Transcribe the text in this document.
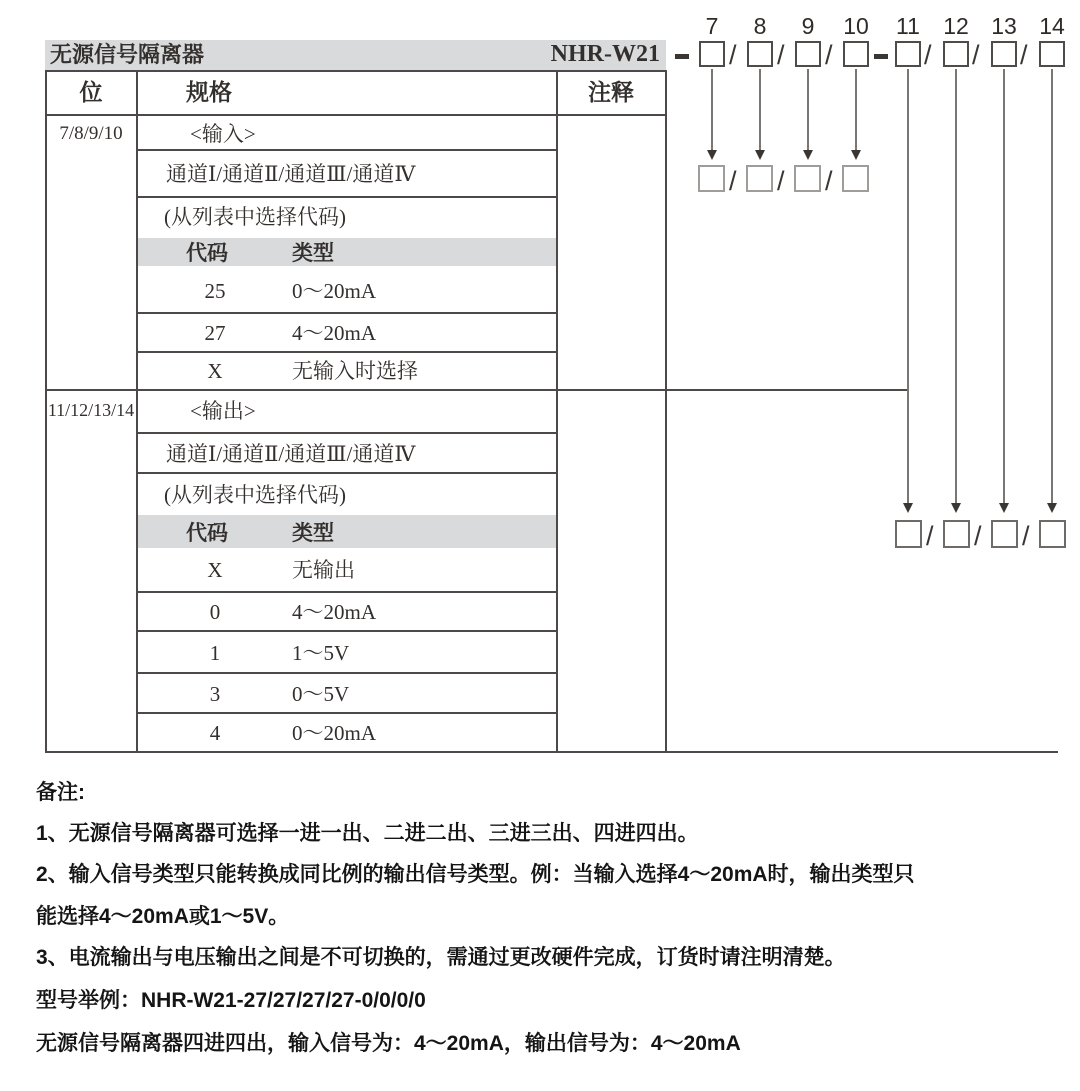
无源信号隔离器	NHR-W21
位	规格	注释
7/8/9/10	<输入>
通道Ⅰ/通道Ⅱ/通道Ⅲ/通道Ⅳ
(从列表中选择代码)
代码	类型
25	0～20mA
27	4～20mA
X	无输入时选择
11/12/13/14	<输出>
通道Ⅰ/通道Ⅱ/通道Ⅲ/通道Ⅳ
(从列表中选择代码)
代码	类型
X	无输出
0	4～20mA
1	1～5V
3	0～5V
4	0～20mA
7	8	9	10 11 12 13 14
/ / /	/ / /
/ / /
/ / /
备注:
1、无源信号隔离器可选择一进一出、二进二出、三进三出、四进四出。
2、输入信号类型只能转换成同比例的输出信号类型。例：当输入选择4～20mA时，输出类型只
能选择4～20mA或1～5V。
3、电流输出与电压输出之间是不可切换的，需通过更改硬件完成，订货时请注明清楚。
型号举例：NHR-W21-27/27/27/27-0/0/0/0
无源信号隔离器四进四出，输入信号为：4～20mA，输出信号为：4～20mA
